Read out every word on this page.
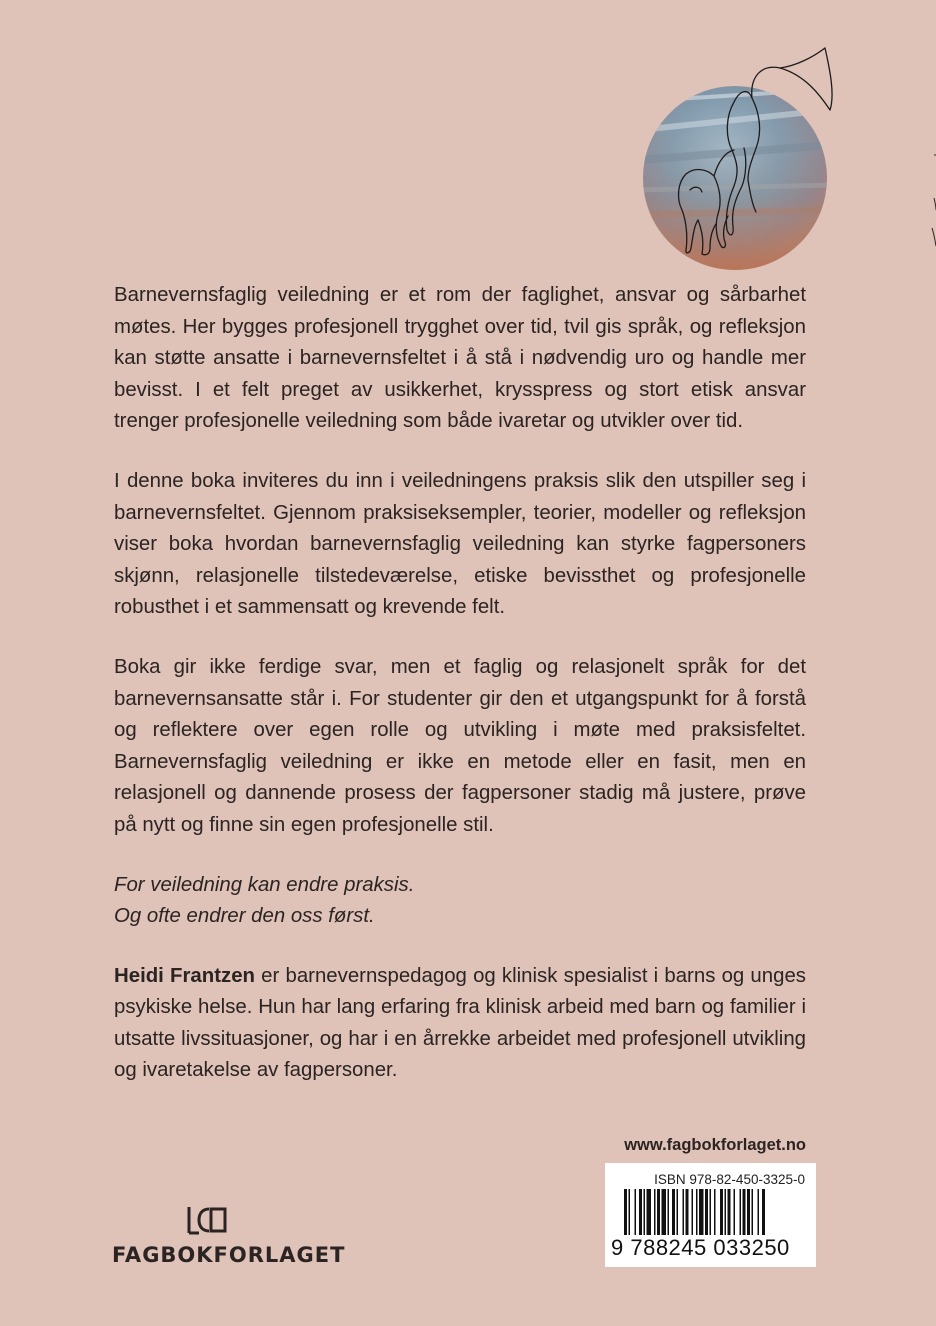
Barnevernsfaglig veiledning er et rom der faglighet, ansvar og sårbarhet møtes. Her bygges profesjonell trygghet over tid, tvil gis språk, og refleksjon kan støtte ansatte i barnevernsfeltet i å stå i nødvendig uro og handle mer bevisst. I et felt preget av usikkerhet, krysspress og stort etisk ansvar trenger profesjonelle veiledning som både ivaretar og utvikler over tid.

I denne boka inviteres du inn i veiledningens praksis slik den utspiller seg i barnevernsfeltet. Gjennom praksiseksempler, teorier, modeller og refleksjon viser boka hvordan barnevernsfaglig veiledning kan styrke fagpersoners skjønn, relasjonelle tilstedeværelse, etiske bevissthet og profesjonelle robusthet i et sammensatt og krevende felt.

Boka gir ikke ferdige svar, men et faglig og relasjonelt språk for det barnevernsansatte står i. For studenter gir den et utgangspunkt for å forstå og reflektere over egen rolle og utvikling i møte med praksisfeltet. Barnevernsfaglig veiledning er ikke en metode eller en fasit, men en relasjonell og dannende prosess der fagpersoner stadig må justere, prøve på nytt og finne sin egen profesjonelle stil.

For veiledning kan endre praksis.
Og ofte endrer den oss først.

Heidi Frantzen er barnevernspedagog og klinisk spesialist i barns og unges psykiske helse. Hun har lang erfaring fra klinisk arbeid med barn og familier i utsatte livssituasjoner, og har i en årrekke arbeidet med profesjonell utvikling og ivaretakelse av fagpersoner.

www.fagbokforlaget.no
ISBN 978-82-450-3325-0
9 788245 033250
FAGBOKFORLAGET
